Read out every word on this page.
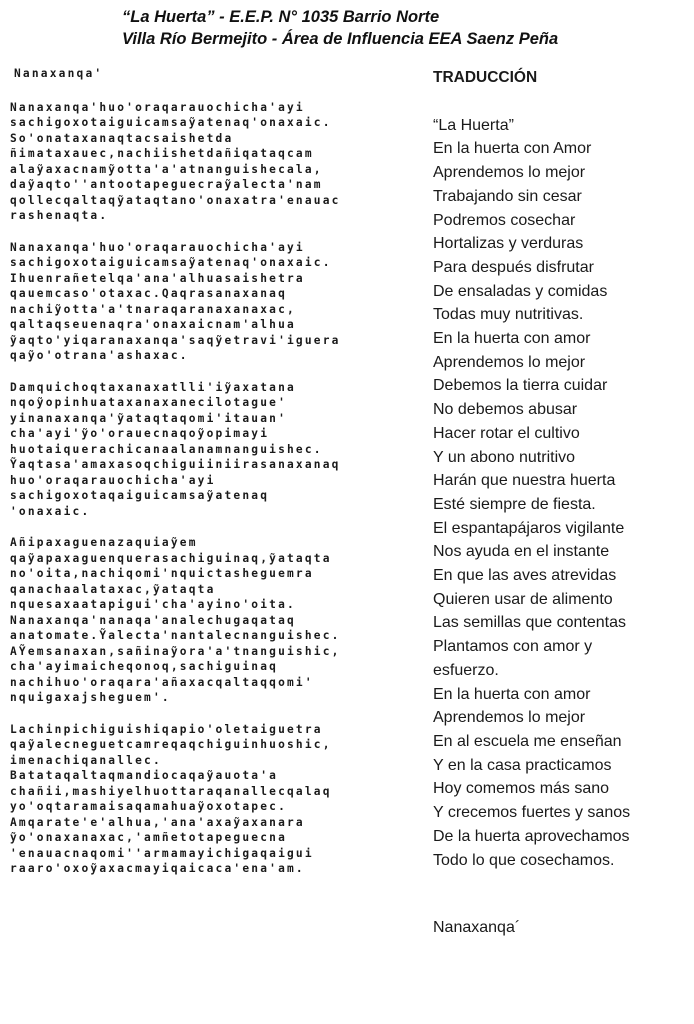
“La Huerta” - E.E.P. N° 1035 Barrio Norte
Villa Río Bermejito - Área de Influencia EEA Saenz Peña
Nanaxanqa'
Nanaxanqa'huo'oraqarauochicha'ayi
sachigoxotaiguicamsaỹatenaq'onaxaic.
So'onataxanaqtacsaishetda
ñimataxauec,nachiishetdañiqataqcam
alaỹaxacnamỹotta'a'atnanguishecala,
daỹaqto''antootapeguecraỹalecta'nam
qollecqaltaqỹataqtano'onaxatra'enauac
rashenaqta.
Nanaxanqa'huo'oraqarauochicha'ayi
sachigoxotaiguicamsaỹatenaq'onaxaic.
Ihuenrañetelqa'ana'alhuasaishetra
qauemcaso'otaxac.Qaqrasanaxanaq
nachiỹotta'a'tnaraqaranaxanaxac,
qaltaqseuenaqra'onaxaicnam'alhua
ỹaqto'yiqaranaxanqa'saqỹetravi'iguera
qaỹo'otrana'ashaxac.
Damquichoqtaxanaxatlli'iỹaxatana
nqoỹopinhuataxanaxanecilotague'
yinanaxanqa'ỹataqtaqomi'itauan'
cha'ayi'ỹo'orauecnaqoỹopimayi
huotaiquerachicanaalanamnanguishec.
Ỹaqtasa'amaxasoqchiguiiniirasanaxanaq
huo'oraqarauochicha'ayi
sachigoxotaqaiguicamsaỹatenaq
'onaxaic.
Añipaxaguenazaquiaỹem
qaỹapaxaguenquerasachiguinaq,ỹataqta
no'oita,nachiqomi'nquictasheguemra
qanachaalataxac,ỹataqta
nquesaxaatapigui'cha'ayino'oita.
Nanaxanqa'nanaqa'analechugaqataq
anatomate.Ỹalecta'nantalecnanguishec.
AỸemsanaxan,sañinaỹora'a'tnanguishic,
cha'ayimaicheqonoq,sachiguinaq
nachihuo'oraqara'añaxacqaltaqqomi'
nquigaxajsheguem'.
Lachinpichiguishiqapio'oletaiguetra
qaỹalecneguetcamreqaqchiguinhuoshic,
imenachiqanallec.
Batataqaltaqmandiocaqaỹauota'a
chañii,mashiyelhuottaraqanallecqalaq
yo'oqtaramaisaqamahuaỹoxotapec.
Amqarate'e'alhua,'ana'axaỹaxanara
ỹo'onaxanaxac,'amñetotapeguecna
'enauacnaqomi''armamayichigaqaigui
raaro'oxoỹaxacmayiqaicaca'ena'am.
TRADUCCIÓN
“La Huerta”
En la huerta con Amor
Aprendemos lo mejor
Trabajando sin cesar
Podremos cosechar
Hortalizas y verduras
Para después disfrutar
De ensaladas y comidas
Todas muy nutritivas.
En la huerta con amor
Aprendemos lo mejor
Debemos la tierra cuidar
No debemos abusar
Hacer rotar el cultivo
Y un abono nutritivo
Harán que nuestra huerta
Esté siempre de fiesta.
El espantapájaros vigilante
Nos ayuda en el instante
En que las aves atrevidas
Quieren usar de alimento
Las semillas que contentas
Plantamos con amor y
esfuerzo.
En la huerta con amor
Aprendemos lo mejor
En al escuela me enseñan
Y en la casa practicamos
Hoy comemos más sano
Y crecemos fuertes y sanos
De la huerta aprovechamos
Todo lo que cosechamos.
Nanaxanqa´
